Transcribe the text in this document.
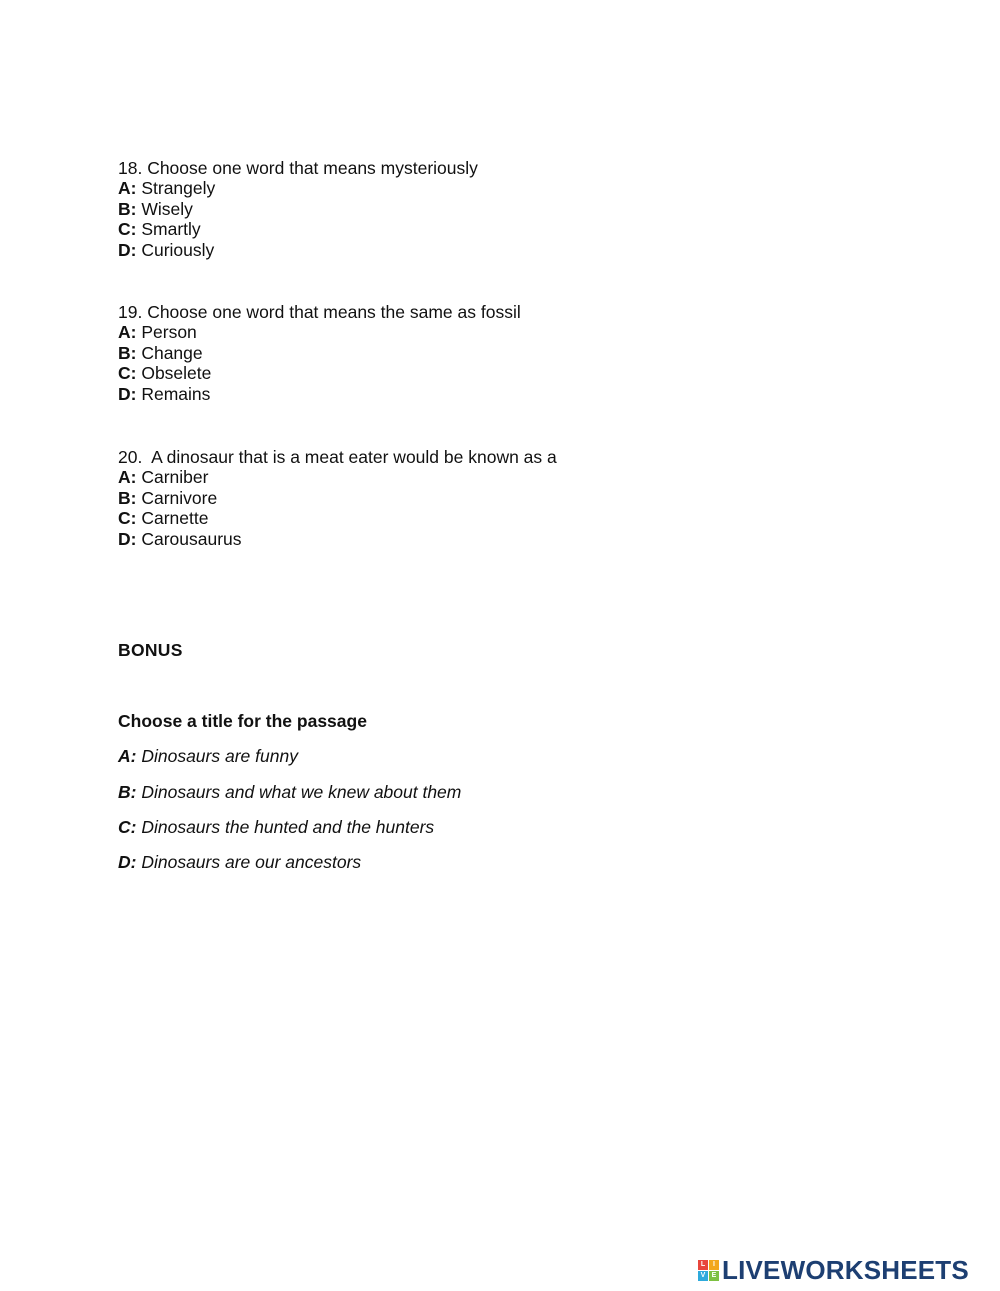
18. Choose one word that means mysteriously
A: Strangely
B: Wisely
C: Smartly
D: Curiously
19. Choose one word that means the same as fossil
A: Person
B: Change
C: Obselete
D: Remains
20.  A dinosaur that is a meat eater would be known as a
A: Carniber
B: Carnivore
C: Carnette
D: Carousaurus
BONUS
Choose a title for the passage
A: Dinosaurs are funny
B: Dinosaurs and what we knew about them
C: Dinosaurs the hunted and the hunters
D: Dinosaurs are our ancestors
L	I
V E LIVEWORKSHEETS
